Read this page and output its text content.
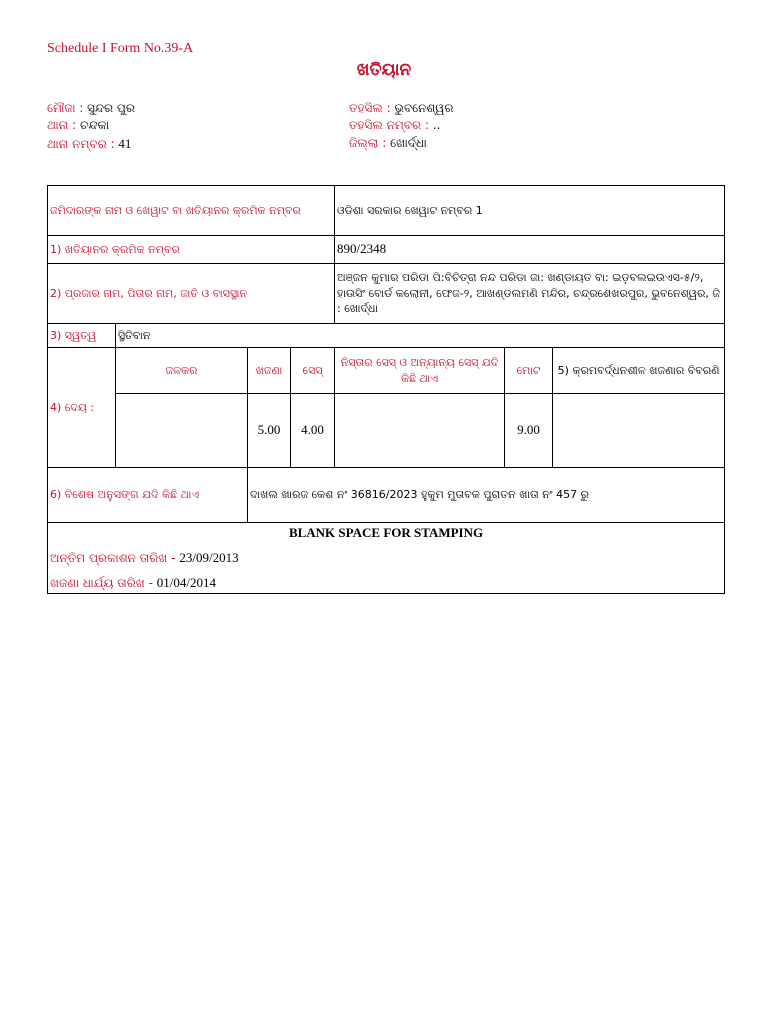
Schedule I Form No.39-A
ଖତିୟାନ
ମୌଜା : ସୁନ୍ଦର ପୁର
ଥାନା : ଚନ୍ଦକା
ଥାନା ନମ୍ବର : 41
ତହସିଲ : ଭୁବନେଶ୍ୱର
ତହସିଲ ନମ୍ବର : ..
ଜିଲ୍ଲା : ଖୋର୍ଦ୍ଧା
ଜମିଦାରଙ୍କ ନାମ ଓ ଖେୱାଟ ବା ଖତିୟାନର କ୍ରମିକ ନମ୍ବର				ଓଡିଶା ସରକାର ଖେୱାଟ ନମ୍ବର 1		
1) ଖତିୟାନର କ୍ରମିକ ନମ୍ବର				890/2348		
2) ପ୍ରଜାର ନାମ, ପିତାର ନାମ, ଜାତି ଓ ବାସସ୍ଥାନ				ଅଞ୍ଜନ କୁମାର ପରିଡା ପି:ବିଚିତ୍ରା ନନ୍ଦ ପରିଡା ଜା: ଖଣ୍ଡାୟତ ବା: ଇଡ଼ବଲଇଉଏସ-୫/୨, ହାଉସିଂ ବୋର୍ଡ କଲୋନୀ, ଫେଜ-୨, ଆଖଣ୍ଡଲମଣି ମନ୍ଦିର, ଚନ୍ଦ୍ରଶେଖରପୁର, ଭୁବନେଶ୍ୱର, ଜି : ଖୋର୍ଦ୍ଧା		
3) ସ୍ୱତ୍ୱ	ସ୍ଥିତିବାନ					
4) ଦେୟ :	ଜଳକର	ଖଜଣା	ସେସ୍	ନିସ୍ତାର ସେସ୍ ଓ ଅନ୍ୟାନ୍ୟ ସେସ୍ ଯଦି କିଛି ଥାଏ	ମୋଟ	5) କ୍ରମବର୍ଦ୍ଧନଶୀଳ ଖଜଣାର ବିବରଣି
		5.00	4.00		9.00	
6) ବିଶେଷ ଅନୁସଙ୍ଗ ଯଦି କିଛି ଥାଏ		ଦାଖଲ ଖାରଜ କେଶ ନଂ 36816/2023 ହୁକୁମ ମୁତାବକ ପୁରାତନ ଖାତା ନଂ 457 ରୁ				

BLANK SPACE FOR STAMPING
ଅନ୍ତିମ ପ୍ରକାଶନ ତାରିଖ - 23/09/2013
ଖଜଣା ଧାର୍ଯ୍ୟ ତାରିଖ - 01/04/2014						
